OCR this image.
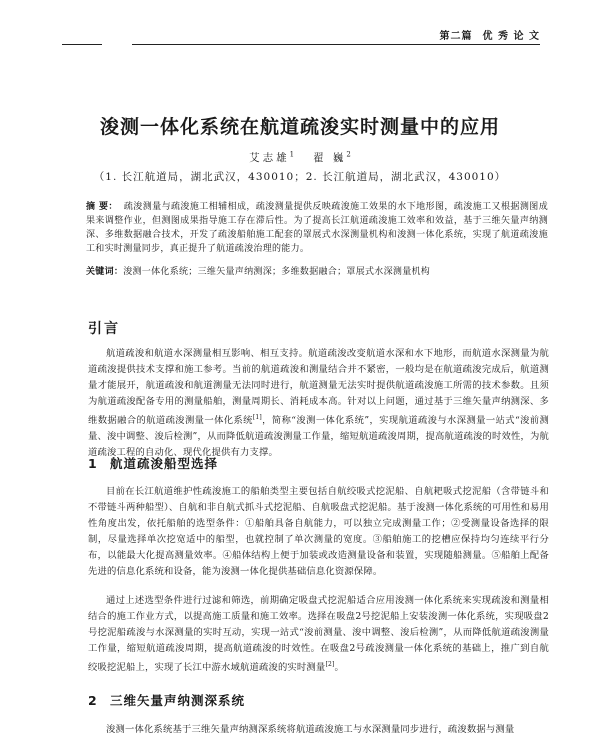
第二篇 优 秀 论 文
浚测一体化系统在航道疏浚实时测量中的应用
艾志雄$^1$ 翟 巍$^2$
（1. 长江航道局，湖北武汉，430010；2. 长江航道局，湖北武汉，430010）
摘 要： 疏浚测量与疏浚施工相辅相成，疏浚测量提供反映疏浚施工效果的水下地形图，疏浚施工又根据测图成果来调整作业，但测图成果指导施工存在滞后性。为了提高长江航道疏浚施工效率和效益，基于三维矢量声纳测深、多维数据融合技术，开发了疏浚船舶施工配套的罩展式水深测量机构和浚测一体化系统，实现了航道疏浚施工和实时测量同步，真正提升了航道疏浚治理的能力。
关键词：浚测一体化系统；三维矢量声纳测深；多维数据融合；罩展式水深测量机构
引言
航道疏浚和航道水深测量相互影响、相互支持。航道疏浚改变航道水深和水下地形，而航道水深测量为航道疏浚提供技术支撑和施工参考。当前的航道疏浚和测量结合并不紧密，一般均是在航道疏浚完成后，航道测量才能展开，航道疏浚和航道测量无法同时进行，航道测量无法实时提供航道疏浚施工所需的技术参数。且须为航道疏浚配备专用的测量船舶，测量周期长、消耗成本高。针对以上问题，通过基于三维矢量声纳测深、多维数据融合的航道疏浚测量一体化系统[1]，简称“浚测一体化系统”，实现航道疏浚与水深测量一站式“浚前测量、浚中调整、浚后检测”，从而降低航道疏浚测量工作量，缩短航道疏浚周期，提高航道疏浚的时效性，为航道疏浚工程的自动化、现代化提供有力支撑。
1 航道疏浚船型选择
目前在长江航道维护性疏浚施工的船舶类型主要包括自航绞吸式挖泥船、自航耙吸式挖泥船（含带链斗和不带链斗两种船型）、自航和非自航式抓斗式挖泥船、自航吸盘式挖泥船。基于浚测一体化系统的可用性和易用性角度出发，依托船舶的选型条件：①船舶具备自航能力，可以独立完成测量工作；②受测量设备选择的限制，尽量选择单次挖宽适中的船型，也就控制了单次测量的宽度。③船舶施工的挖槽应保持均匀连续平行分布，以能最大化提高测量效率。④船体结构上便于加装或改造测量设备和装置，实现随船测量。⑤船舶上配备先进的信息化系统和设备，能为浚测一体化提供基础信息化资源保障。
通过上述选型条件进行过滤和筛选，前期确定吸盘式挖泥船适合应用浚测一体化系统来实现疏浚和测量相结合的施工作业方式，以提高施工质量和施工效率。选择在吸盘2号挖泥船上安装浚测一体化系统，实现吸盘2号挖泥船疏浚与水深测量的实时互动，实现一站式“浚前测量、浚中调整、浚后检测”，从而降低航道疏浚测量工作量，缩短航道疏浚周期，提高航道疏浚的时效性。在吸盘2号疏浚测量一体化系统的基础上，推广到自航绞吸挖泥船上，实现了长江中游水域航道疏浚的实时测量[2]。
2 三维矢量声纳测深系统
浚测一体化系统基于三维矢量声纳测深系统将航道疏浚施工与水深测量同步进行，疏浚数据与测量
